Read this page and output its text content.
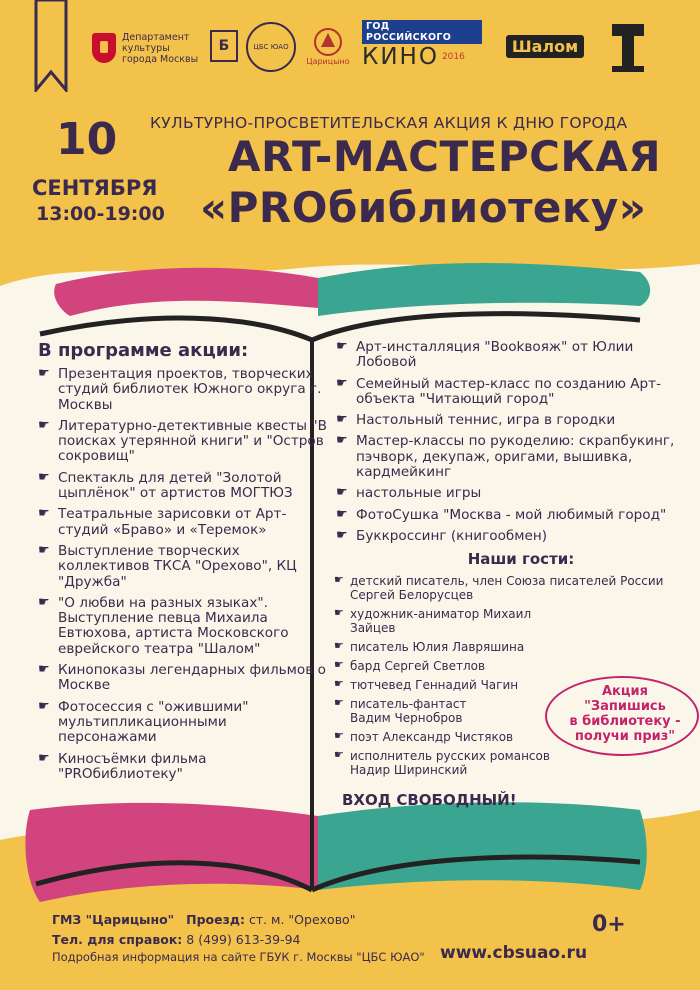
Департамент
культуры
города Москвы
Б	ЦБС ЮАО
Царицыно
ГОД РОССИЙСКОГО
КИНО 2016
Шалом
КУЛЬТУРНО-ПРОСВЕТИТЕЛЬСКАЯ АКЦИЯ К ДНЮ ГОРОДА
10
СЕНТЯБРЯ
13:00-19:00
ART-МАСТЕРСКАЯ
«PROбиблиотеку»
В программе акции:
☛ Презентация проектов, творческих студий библиотек Южного округа г. Москвы
☛ Литературно-детективные квесты "В поисках утерянной книги" и "Остров сокровищ"
☛ Спектакль для детей "Золотой цыплёнок" от артистов МОГТЮЗ
☛ Театральные зарисовки от Арт-студий «Браво» и «Теремок»
☛ Выступление творческих коллективов ТКСА "Орехово", КЦ "Дружба"
☛ "О любви на разных языках". Выступление певца Михаила Евтюхова, артиста Московского еврейского театра "Шалом"
☛ Кинопоказы легендарных фильмов о Москве
☛ Фотосессия с "ожившими" мультипликационными персонажами
☛ Киносъёмки фильма "PROбиблиотеку"
☛ Арт-инсталляция "Bookвояж" от Юлии Лобовой
☛ Семейный мастер-класс по созданию Арт-объекта "Читающий город"
☛ Настольный теннис, игра в городки
☛ Мастер-классы по рукоделию: скрапбукинг, пэчворк, декупаж, оригами, вышивка, кардмейкинг
☛ настольные игры
☛ ФотоСушка "Москва - мой любимый город"
☛ Буккроссинг (книгообмен)
Наши гости:
☛ детский писатель, член Союза писателей России Сергей Белорусцев
☛ художник-аниматор Михаил Зайцев
☛ писатель Юлия Лавряшина
☛ бард Сергей Светлов
☛ тютчевед Геннадий Чагин
☛ писатель-фантаст Вадим Чернобров
☛ поэт Александр Чистяков
☛ исполнитель русских романсов Надир Ширинский
ВХОД СВОБОДНЫЙ!
Акция
"Запишись
в библиотеку -
получи приз"
ГМЗ "Царицыно" Проезд: ст. м. "Орехово"
Тел. для справок: 8 (499) 613-39-94
Подробная информация на сайте ГБУК г. Москвы "ЦБС ЮАО" www.cbsuao.ru
0+
